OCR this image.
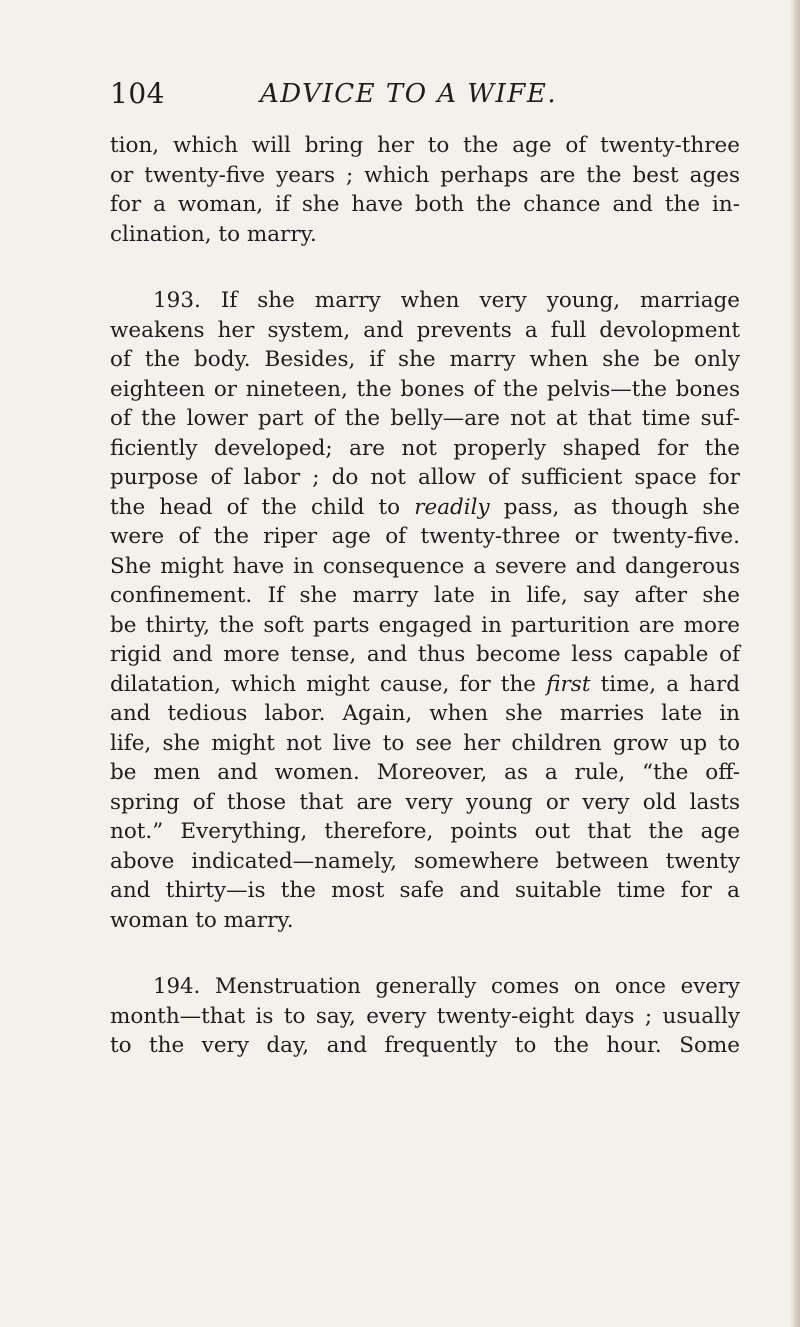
104	ADVICE TO A WIFE.
tion, which will bring her to the age of twenty-three
or twenty-five years ; which perhaps are the best ages
for a woman, if she have both the chance and the in-
clination, to marry.
193. If she marry when very young, marriage
weakens her system, and prevents a full devolopment
of the body. Besides, if she marry when she be only
eighteen or nineteen, the bones of the pelvis—the bones
of the lower part of the belly—are not at that time suf-
ficiently developed; are not properly shaped for the
purpose of labor ; do not allow of sufficient space for
the head of the child to readily pass, as though she
were of the riper age of twenty-three or twenty-five.
She might have in consequence a severe and dangerous
confinement. If she marry late in life, say after she
be thirty, the soft parts engaged in parturition are more
rigid and more tense, and thus become less capable of
dilatation, which might cause, for the first time, a hard
and tedious labor. Again, when she marries late in
life, she might not live to see her children grow up to
be men and women. Moreover, as a rule, “the off-
spring of those that are very young or very old lasts
not.” Everything, therefore, points out that the age
above indicated—namely, somewhere between twenty
and thirty—is the most safe and suitable time for a
woman to marry.
194. Menstruation generally comes on once every
month—that is to say, every twenty-eight days ; usually
to the very day, and frequently to the hour. Some
